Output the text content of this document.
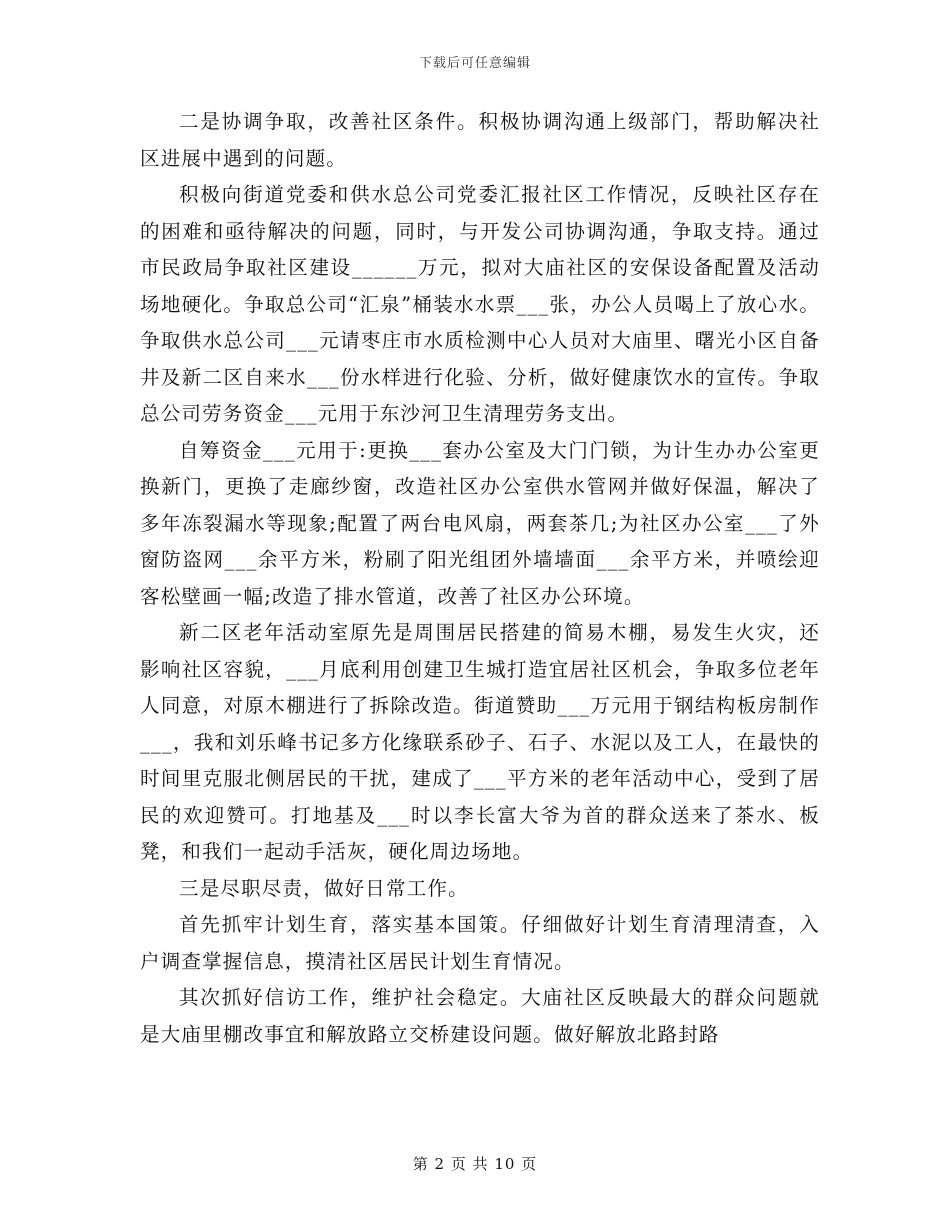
下载后可任意编辑

二是协调争取，改善社区条件。积极协调沟通上级部门，帮助解决社区进展中遇到的问题。

积极向街道党委和供水总公司党委汇报社区工作情况，反映社区存在的困难和亟待解决的问题，同时，与开发公司协调沟通，争取支持。通过市民政局争取社区建设______万元，拟对大庙社区的安保设备配置及活动场地硬化。争取总公司“汇泉”桶装水水票___张，办公人员喝上了放心水。争取供水总公司___元请枣庄市水质检测中心人员对大庙里、曙光小区自备井及新二区自来水___份水样进行化验、分析，做好健康饮水的宣传。争取总公司劳务资金___元用于东沙河卫生清理劳务支出。

自筹资金___元用于:更换___套办公室及大门门锁，为计生办办公室更换新门，更换了走廊纱窗，改造社区办公室供水管网并做好保温，解决了多年冻裂漏水等现象;配置了两台电风扇，两套茶几;为社区办公室___了外窗防盗网___余平方米，粉刷了阳光组团外墙墙面___余平方米，并喷绘迎客松壁画一幅;改造了排水管道，改善了社区办公环境。

新二区老年活动室原先是周围居民搭建的简易木棚，易发生火灾，还影响社区容貌，___月底利用创建卫生城打造宜居社区机会，争取多位老年人同意，对原木棚进行了拆除改造。街道赞助___万元用于钢结构板房制作___，我和刘乐峰书记多方化缘联系砂子、石子、水泥以及工人，在最快的时间里克服北侧居民的干扰，建成了___平方米的老年活动中心，受到了居民的欢迎赞可。打地基及___时以李长富大爷为首的群众送来了茶水、板凳，和我们一起动手活灰，硬化周边场地。

三是尽职尽责，做好日常工作。

首先抓牢计划生育，落实基本国策。仔细做好计划生育清理清查，入户调查掌握信息，摸清社区居民计划生育情况。

其次抓好信访工作，维护社会稳定。大庙社区反映最大的群众问题就是大庙里棚改事宜和解放路立交桥建设问题。做好解放北路封路

第 2 页 共 10 页
